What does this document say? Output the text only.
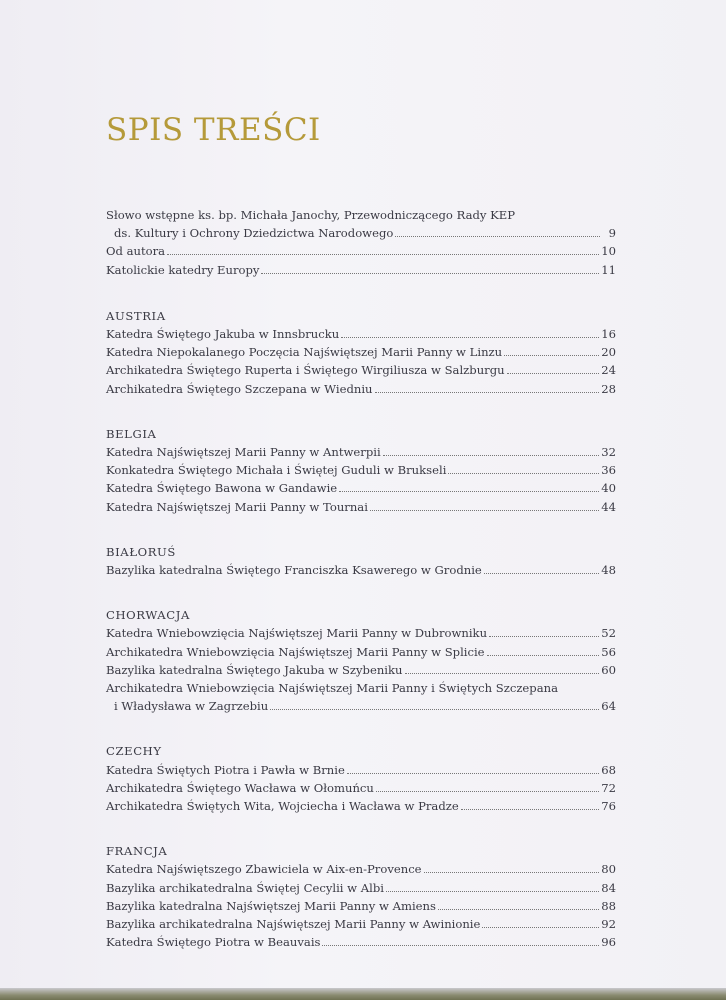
SPIS TREŚCI
Słowo wstępne ks. bp. Michała Janochy, Przewodniczącego Rady KEP
ds. Kultury i Ochrony Dziedzictwa Narodowego	9
Od autora	10
Katolickie katedry Europy	11
AUSTRIA
Katedra Świętego Jakuba w Innsbrucku	16
Katedra Niepokalanego Poczęcia Najświętszej Marii Panny w Linzu	20
Archikatedra Świętego Ruperta i Świętego Wirgiliusza w Salzburgu	24
Archikatedra Świętego Szczepana w Wiedniu	28
BELGIA
Katedra Najświętszej Marii Panny w Antwerpii	32
Konkatedra Świętego Michała i Świętej Guduli w Brukseli	36
Katedra Świętego Bawona w Gandawie	40
Katedra Najświętszej Marii Panny w Tournai	44
BIAŁORUŚ
Bazylika katedralna Świętego Franciszka Ksawerego w Grodnie	48
CHORWACJA
Katedra Wniebowzięcia Najświętszej Marii Panny w Dubrowniku	52
Archikatedra Wniebowzięcia Najświętszej Marii Panny w Splicie	56
Bazylika katedralna Świętego Jakuba w Szybeniku	60
Archikatedra Wniebowzięcia Najświętszej Marii Panny i Świętych Szczepana
i Władysława w Zagrzebiu	64
CZECHY
Katedra Świętych Piotra i Pawła w Brnie	68
Archikatedra Świętego Wacława w Ołomuńcu	72
Archikatedra Świętych Wita, Wojciecha i Wacława w Pradze	76
FRANCJA
Katedra Najświętszego Zbawiciela w Aix-en-Provence	80
Bazylika archikatedralna Świętej Cecylii w Albi	84
Bazylika katedralna Najświętszej Marii Panny w Amiens	88
Bazylika archikatedralna Najświętszej Marii Panny w Awinionie	92
Katedra Świętego Piotra w Beauvais	96
